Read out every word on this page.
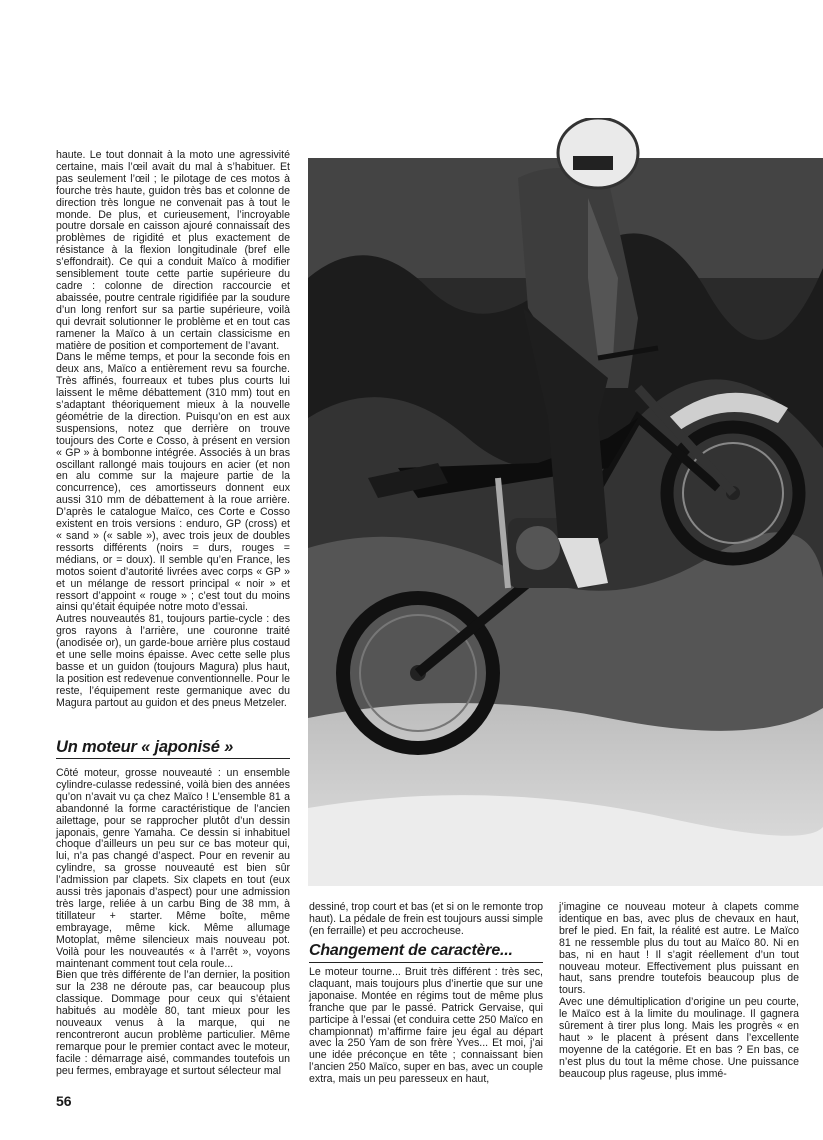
haute. Le tout donnait à la moto une agressivité certaine, mais l’œil avait du mal à s’habituer. Et pas seulement l’œil ; le pilotage de ces motos à fourche très haute, guidon très bas et colonne de direction très longue ne convenait pas à tout le monde. De plus, et curieusement, l’incroyable poutre dorsale en caisson ajouré connaissait des problèmes de rigidité et plus exactement de résistance à la flexion longitudinale (bref elle s’effondrait). Ce qui a conduit Maïco à modifier sensiblement toute cette partie supérieure du cadre : colonne de direction raccourcie et abaissée, poutre centrale rigidifiée par la soudure d’un long renfort sur sa partie supérieure, voilà qui devrait solutionner le problème et en tout cas ramener la Maïco à un certain classicisme en matière de position et comportement de l’avant.

Dans le même temps, et pour la seconde fois en deux ans, Maïco a entièrement revu sa fourche. Très affinés, fourreaux et tubes plus courts lui laissent le même débattement (310 mm) tout en s’adaptant théoriquement mieux à la nouvelle géométrie de la direction. Puisqu’on en est aux suspensions, notez que derrière on trouve toujours des Corte e Cosso, à présent en version « GP » à bombonne intégrée. Associés à un bras oscillant rallongé mais toujours en acier (et non en alu comme sur la majeure partie de la concurrence), ces amortisseurs donnent eux aussi 310 mm de débattement à la roue arrière. D’après le catalogue Maïco, ces Corte e Cosso existent en trois versions : enduro, GP (cross) et « sand » (« sable »), avec trois jeux de doubles ressorts différents (noirs = durs, rouges = médians, or = doux). Il semble qu’en France, les motos soient d’autorité livrées avec corps « GP » et un mélange de ressort principal « noir » et ressort d’appoint « rouge » ; c’est tout du moins ainsi qu’était équipée notre moto d’essai.

Autres nouveautés 81, toujours partie-cycle : des gros rayons à l’arrière, une couronne traité (anodisée or), un garde-boue arrière plus costaud et une selle moins épaisse. Avec cette selle plus basse et un guidon (toujours Magura) plus haut, la position est redevenue conventionnelle. Pour le reste, l’équipement reste germanique avec du Magura partout au guidon et des pneus Metzeler.

Un moteur « japonisé »

Côté moteur, grosse nouveauté : un ensemble cylindre-culasse redessiné, voilà bien des années qu’on n’avait vu ça chez Maïco ! L’ensemble 81 a abandonné la forme caractéristique de l’ancien ailettage, pour se rapprocher plutôt d’un dessin japonais, genre Yamaha. Ce dessin si inhabituel choque d’ailleurs un peu sur ce bas moteur qui, lui, n’a pas changé d’aspect. Pour en revenir au cylindre, sa grosse nouveauté est bien sûr l’admission par clapets. Six clapets en tout (eux aussi très japonais d’aspect) pour une admission très large, reliée à un carbu Bing de 38 mm, à titillateur + starter. Même boîte, même embrayage, même kick. Même allumage Motoplat, même silencieux mais nouveau pot. Voilà pour les nouveautés « à l’arrêt », voyons maintenant comment tout cela roule...

Bien que très différente de l’an dernier, la position sur la 238 ne déroute pas, car beaucoup plus classique. Dommage pour ceux qui s’étaient habitués au modèle 80, tant mieux pour les nouveaux venus à la marque, qui ne rencontreront aucun problème particulier. Même remarque pour le premier contact avec le moteur, facile : démarrage aisé, commandes toutefois un peu fermes, embrayage et surtout sélecteur mal

dessiné, trop court et bas (et si on le remonte trop haut). La pédale de frein est toujours aussi simple (en ferraille) et peu accrocheuse.

Changement de caractère...

Le moteur tourne... Bruit très différent : très sec, claquant, mais toujours plus d’inertie que sur une japonaise. Montée en régims tout de même plus franche que par le passé. Patrick Gervaise, qui participe à l’essai (et conduira cette 250 Maïco en championnat) m’affirme faire jeu égal au départ avec la 250 Yam de son frère Yves... Et moi, j’ai une idée préconçue en tête ; connaissant bien l’ancien 250 Maïco, super en bas, avec un couple extra, mais un peu paresseux en haut,

j’imagine ce nouveau moteur à clapets comme identique en bas, avec plus de chevaux en haut, bref le pied. En fait, la réalité est autre. Le Maïco 81 ne ressemble plus du tout au Maïco 80. Ni en bas, ni en haut ! Il s’agit réellement d’un tout nouveau moteur. Effectivement plus puissant en haut, sans prendre toutefois beaucoup plus de tours.

Avec une démultiplication d’origine un peu courte, le Maïco est à la limite du moulinage. Il gagnera sûrement à tirer plus long. Mais les progrès « en haut » le placent à présent dans l’excellente moyenne de la catégorie. Et en bas ? En bas, ce n’est plus du tout la même chose. Une puissance beaucoup plus rageuse, plus immé-

56
